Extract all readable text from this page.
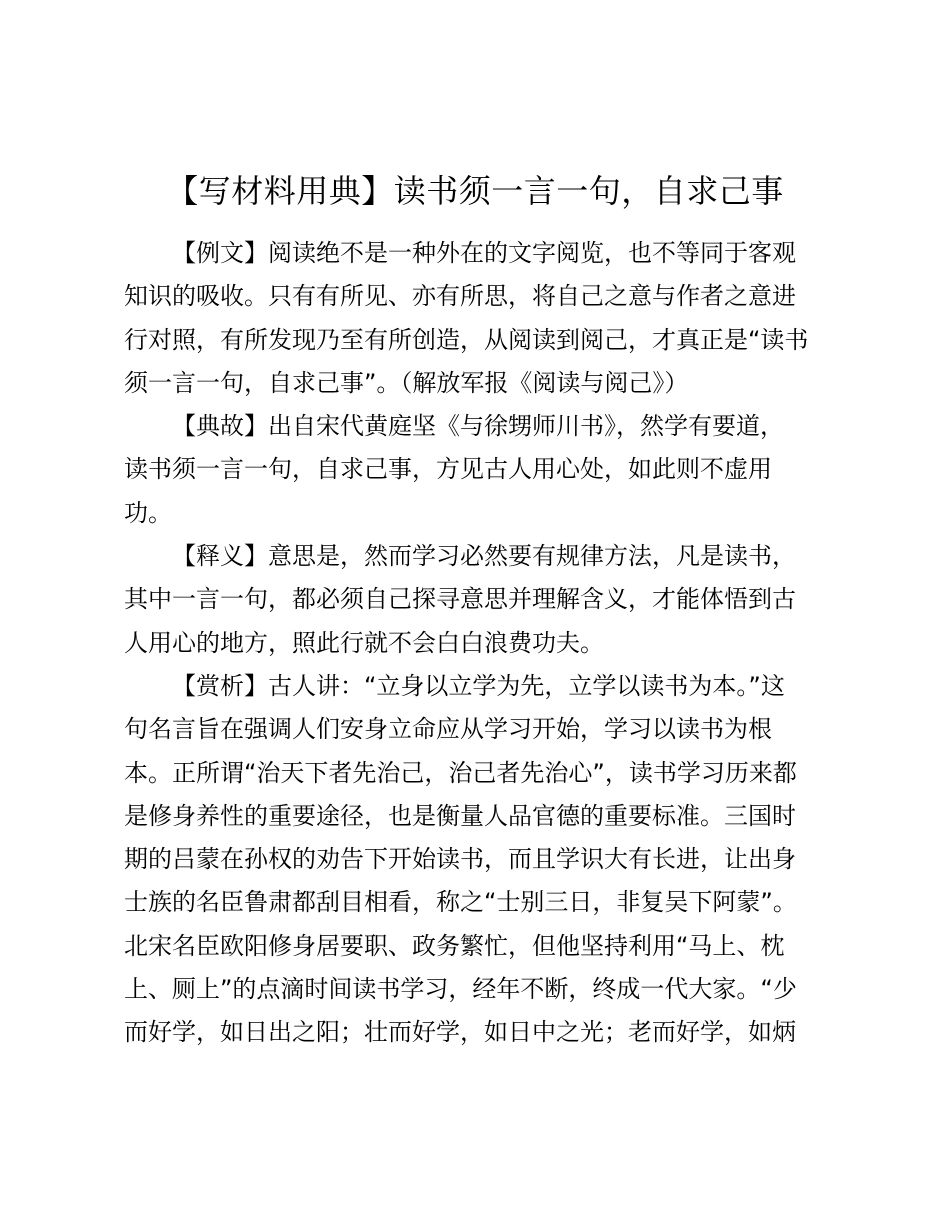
【写材料用典】读书须一言一句，自求己事
【例文】阅读绝不是一种外在的文字阅览，也不等同于客观
知识的吸收。只有有所见、亦有所思，将自己之意与作者之意进
行对照，有所发现乃至有所创造，从阅读到阅己，才真正是“读书
须一言一句，自求己事”。（解放军报《阅读与阅己》）
【典故】出自宋代黄庭坚《与徐甥师川书》，然学有要道，
读书须一言一句，自求己事，方见古人用心处，如此则不虚用
功。
【释义】意思是，然而学习必然要有规律方法，凡是读书，
其中一言一句，都必须自己探寻意思并理解含义，才能体悟到古
人用心的地方，照此行就不会白白浪费功夫。
【赏析】古人讲：“立身以立学为先，立学以读书为本。”这
句名言旨在强调人们安身立命应从学习开始，学习以读书为根
本。正所谓“治天下者先治己，治己者先治心”，读书学习历来都
是修身养性的重要途径，也是衡量人品官德的重要标准。三国时
期的吕蒙在孙权的劝告下开始读书，而且学识大有长进，让出身
士族的名臣鲁肃都刮目相看，称之“士别三日，非复吴下阿蒙”。
北宋名臣欧阳修身居要职、政务繁忙，但他坚持利用“马上、枕
上、厕上”的点滴时间读书学习，经年不断，终成一代大家。“少
而好学，如日出之阳；壮而好学，如日中之光；老而好学，如炳
